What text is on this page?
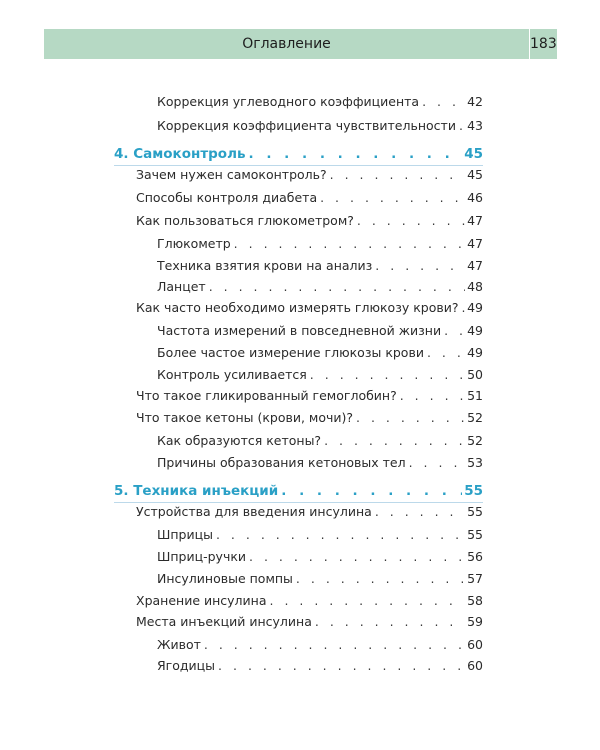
Оглавление	183
Коррекция углеводного коэффициента . . .	42
Коррекция коэффициента чувствительности . . . 43
4. Самоконтроль . . .	45
Зачем нужен самоконтроль? . . .	45
Способы контроля диабета . . .	46
Как пользоваться глюкометром? . . .	47
Глюкометр . . .	47
Техника взятия крови на анализ . . .	47
Ланцет . . .	48
Как часто необходимо измерять глюкозу крови? . . . 49
Частота измерений в повседневной жизни . . . 49
Более частое измерение глюкозы крови . . .	49
Контроль усиливается . . .	50
Что такое гликированный гемоглобин? . . .	51
Что такое кетоны (крови, мочи)? . . .	52
Как образуются кетоны? . . .	52
Причины образования кетоновых тел . . .	53
5. Техника инъекций . . .	55
Устройства для введения инсулина . . .	55
Шприцы . . .	55
Шприц-ручки . . .	56
Инсулиновые помпы . . .	57
Хранение инсулина . . .	58
Места инъекций инсулина . . .	59
Живот . . .	60
Ягодицы . . .	60
